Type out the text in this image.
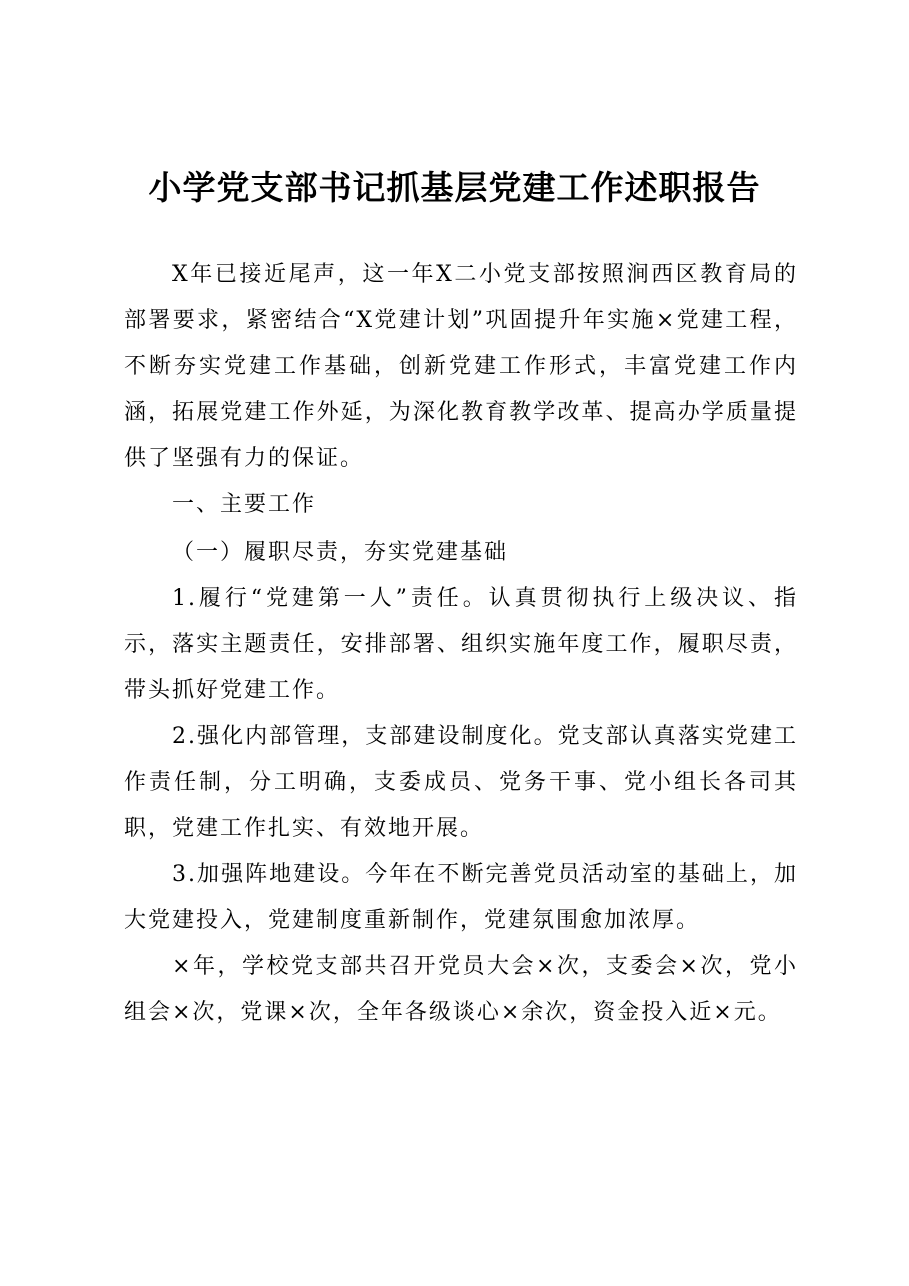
小学党支部书记抓基层党建工作述职报告

X年已接近尾声，这一年X二小党支部按照涧西区教育局的部署要求，紧密结合“X党建计划”巩固提升年实施×党建工程，不断夯实党建工作基础，创新党建工作形式，丰富党建工作内涵，拓展党建工作外延，为深化教育教学改革、提高办学质量提供了坚强有力的保证。

一、主要工作

（一）履职尽责，夯实党建基础

1.履行“党建第一人”责任。认真贯彻执行上级决议、指示，落实主题责任，安排部署、组织实施年度工作，履职尽责，带头抓好党建工作。

2.强化内部管理，支部建设制度化。党支部认真落实党建工作责任制，分工明确，支委成员、党务干事、党小组长各司其职，党建工作扎实、有效地开展。

3.加强阵地建设。今年在不断完善党员活动室的基础上，加大党建投入，党建制度重新制作，党建氛围愈加浓厚。

×年，学校党支部共召开党员大会×次，支委会×次，党小组会×次，党课×次，全年各级谈心×余次，资金投入近×元。
